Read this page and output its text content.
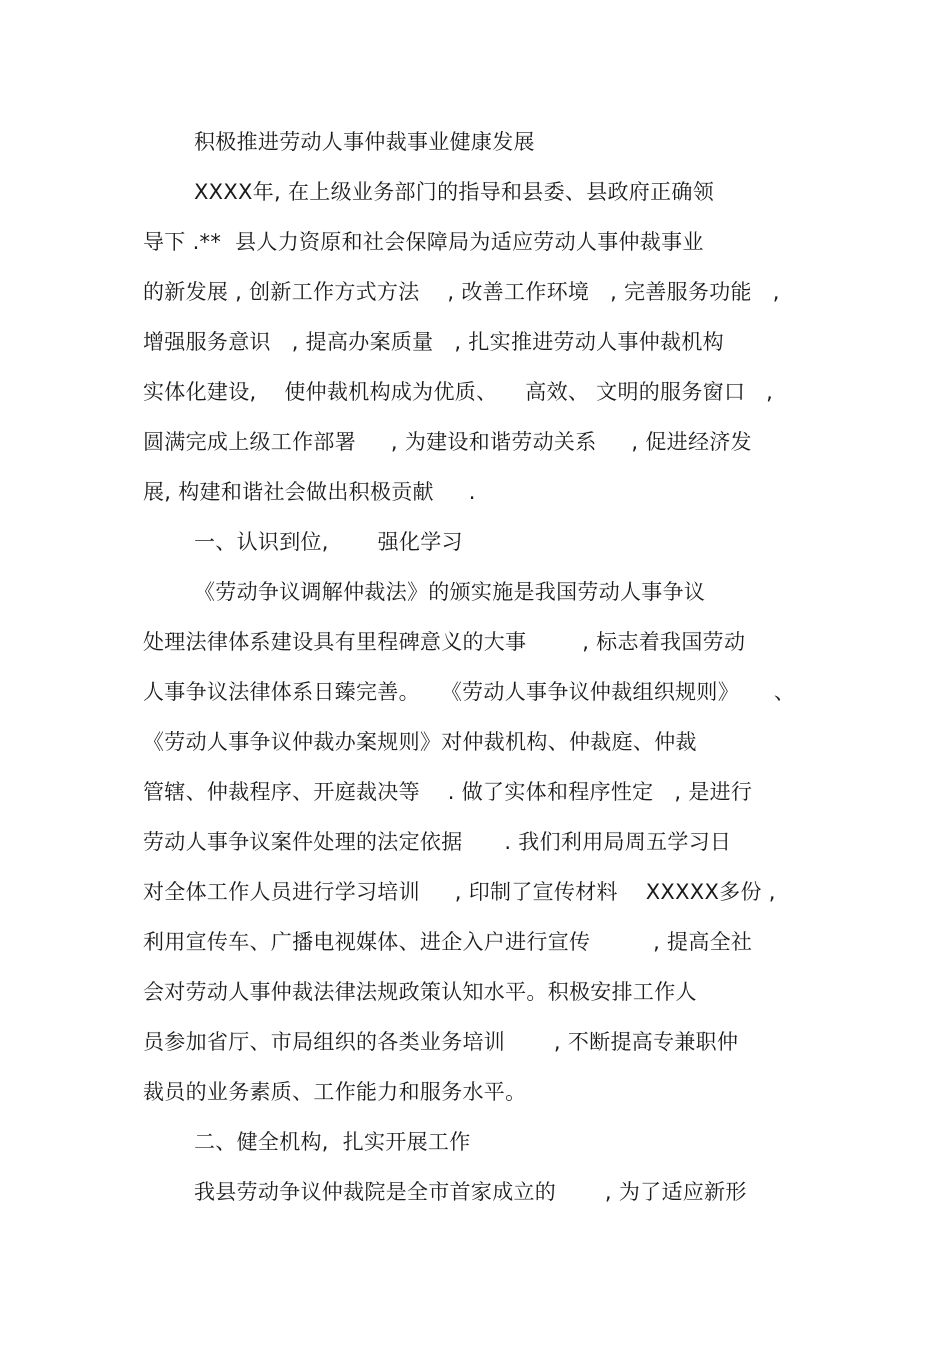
积极推进劳动人事仲裁事业健康发展
XXXX年, 在上级业务部门的指导和县委、县政府正确领
导下 .**  县人力资原和社会保障局为适应劳动人事仲裁事业
的新发展 , 创新工作方式方法    , 改善工作环境   , 完善服务功能   ,
增强服务意识   , 提高办案质量   , 扎实推进劳动人事仲裁机构
实体化建设,    使仲裁机构成为优质、    高效、 文明的服务窗口   ,
圆满完成上级工作部署     , 为建设和谐劳动关系     , 促进经济发
展, 构建和谐社会做出积极贡献     .
一、认识到位,       强化学习
《劳动争议调解仲裁法》的颁实施是我国劳动人事争议
处理法律体系建设具有里程碑意义的大事        , 标志着我国劳动
人事争议法律体系日臻完善。   《劳动人事争议仲裁组织规则》     、
《劳动人事争议仲裁办案规则》对仲裁机构、仲裁庭、仲裁
管辖、仲裁程序、开庭裁决等    . 做了实体和程序性定   , 是进行
劳动人事争议案件处理的法定依据      . 我们利用局周五学习日
对全体工作人员进行学习培训     , 印制了宣传材料    XXXXX多份 ,
利用宣传车、广播电视媒体、进企入户进行宣传         , 提高全社
会对劳动人事仲裁法律法规政策认知水平。积极安排工作人
员参加省厅、市局组织的各类业务培训       , 不断提高专兼职仲
裁员的业务素质、工作能力和服务水平。
二、健全机构,  扎实开展工作
我县劳动争议仲裁院是全市首家成立的       , 为了适应新形
